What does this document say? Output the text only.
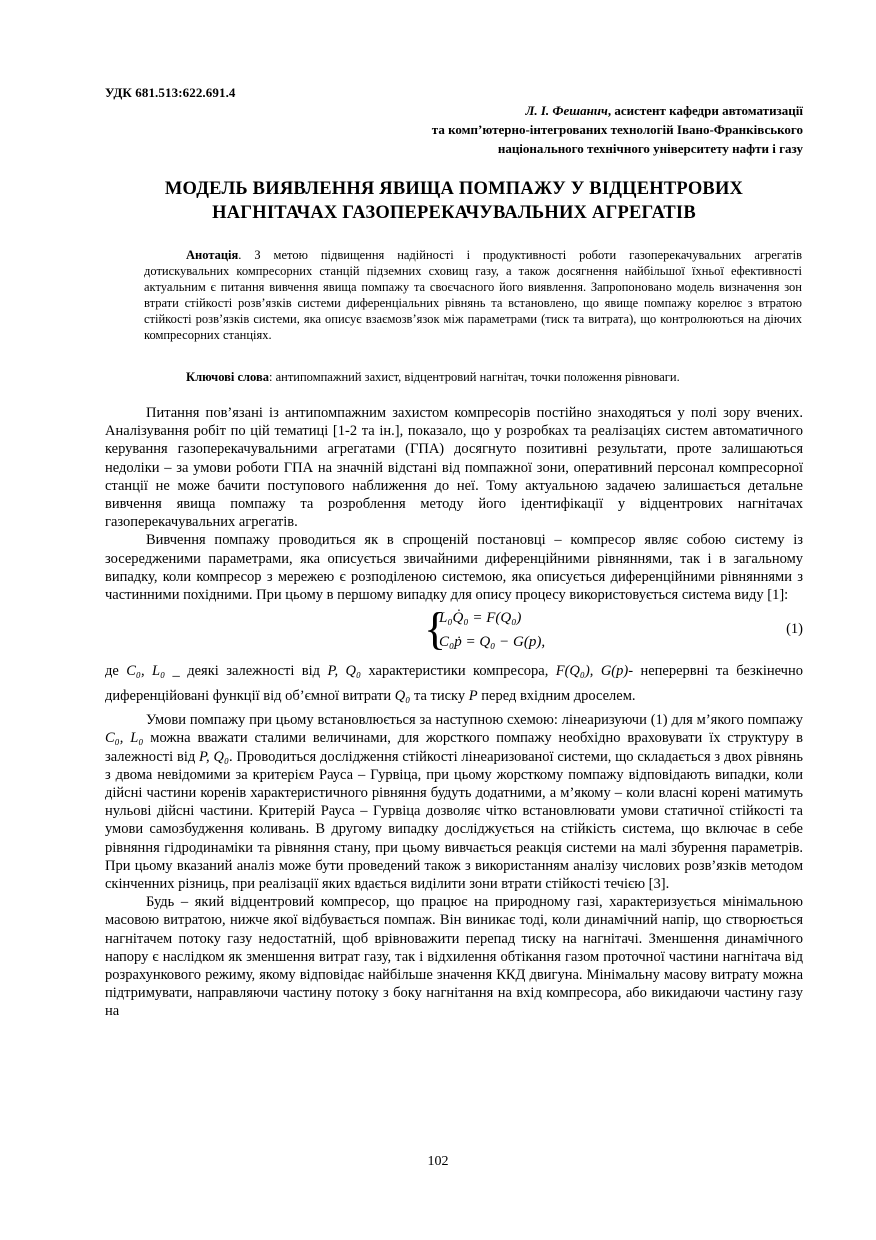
УДК 681.513:622.691.4
Л. І. Фешанич, асистент кафедри автоматизації
та комп’ютерно-інтегрованих технологій Івано-Франківського
національного технічного університету нафти і газу
МОДЕЛЬ ВИЯВЛЕННЯ ЯВИЩА ПОМПАЖУ У ВІДЦЕНТРОВИХ
НАГНІТАЧАХ ГАЗОПЕРЕКАЧУВАЛЬНИХ АГРЕГАТІВ

Анотація. З метою підвищення надійності і продуктивності роботи газоперекачувальних агрегатів дотискувальних компресорних станцій підземних сховищ газу, а також досягнення найбільшої їхньої ефективності актуальним є питання вивчення явища помпажу та своєчасного його виявлення. Запропоновано модель визначення зон втрати стійкості розв’язків системи диференціальних рівнянь та встановлено, що явище помпажу корелює з втратою стійкості розв’язків системи, яка описує взаємозв’язок між параметрами (тиск та витрата), що контролюються на діючих компресорних станціях.

Ключові слова: антипомпажний захист, відцентровий нагнітач, точки положення рівноваги.

Питання пов’язані із антипомпажним захистом компресорів постійно знаходяться у полі зору вчених. Аналізування робіт по цій тематиці [1-2 та ін.], показало, що у розробках та реалізаціях систем автоматичного керування газоперекачувальними агрегатами (ГПА) досягнуто позитивні результати, проте залишаються недоліки – за умови роботи ГПА на значній відстані від помпажної зони, оперативний персонал компресорної станції не може бачити поступового наближення до неї. Тому актуальною задачею залишається детальне вивчення явища помпажу та розроблення методу його ідентифікації у відцентрових нагнітачах газоперекачувальних агрегатів.

Вивчення помпажу проводиться як в спрощеній постановці – компресор являє собою систему із зосередженими параметрами, яка описується звичайними диференційними рівняннями, так і в загальному випадку, коли компресор з мережею є розподіленою системою, яка описується диференційними рівняннями з частинними похідними. При цьому в першому випадку для опису процесу використовується система виду [1]:

{
L₀Q̇₀ = F(Q₀)
C₀ṗ = Q₀ − G(p),
(1)

де C₀, L₀ _ деякі залежності від P, Q₀ характеристики компресора, F(Q₀), G(p)- неперервні та безкінечно диференційовані функції від об’ємної витрати Q₀ та тиску P перед вхідним дроселем.

Умови помпажу при цьому встановлюється за наступною схемою: лінеаризуючи (1) для м’якого помпажу C₀, L₀ можна вважати сталими величинами, для жорсткого помпажу необхідно враховувати їх структуру в залежності від P, Q₀. Проводиться дослідження стійкості лінеаризованої системи, що складається з двох рівнянь з двома невідомими за критерієм Рауса – Гурвіца, при цьому жорсткому помпажу відповідають випадки, коли дійсні частини коренів характеристичного рівняння будуть додатними, а м’якому – коли власні корені матимуть нульові дійсні частини. Критерій Рауса – Гурвіца дозволяє чітко встановлювати умови статичної стійкості та умови самозбудження коливань. В другому випадку досліджується на стійкість система, що включає в себе рівняння гідродинаміки та рівняння стану, при цьому вивчається реакція системи на малі збурення параметрів. При цьому вказаний аналіз може бути проведений також з використанням аналізу числових розв’язків методом скінченних різниць, при реалізації яких вдається виділити зони втрати стійкості течією [3].

Будь – який відцентровий компресор, що працює на природному газі, характеризується мінімальною масовою витратою, нижче якої відбувається помпаж. Він виникає тоді, коли динамічний напір, що створюється нагнітачем потоку газу недостатній, щоб врівноважити перепад тиску на нагнітачі. Зменшення динамічного напору є наслідком як зменшення витрат газу, так і відхилення обтікання газом проточної частини нагнітача від розрахункового режиму, якому відповідає найбільше значення ККД двигуна. Мінімальну масову витрату можна підтримувати, направляючи частину потоку з боку нагнітання на вхід компресора, або викидаючи частину газу на

102
